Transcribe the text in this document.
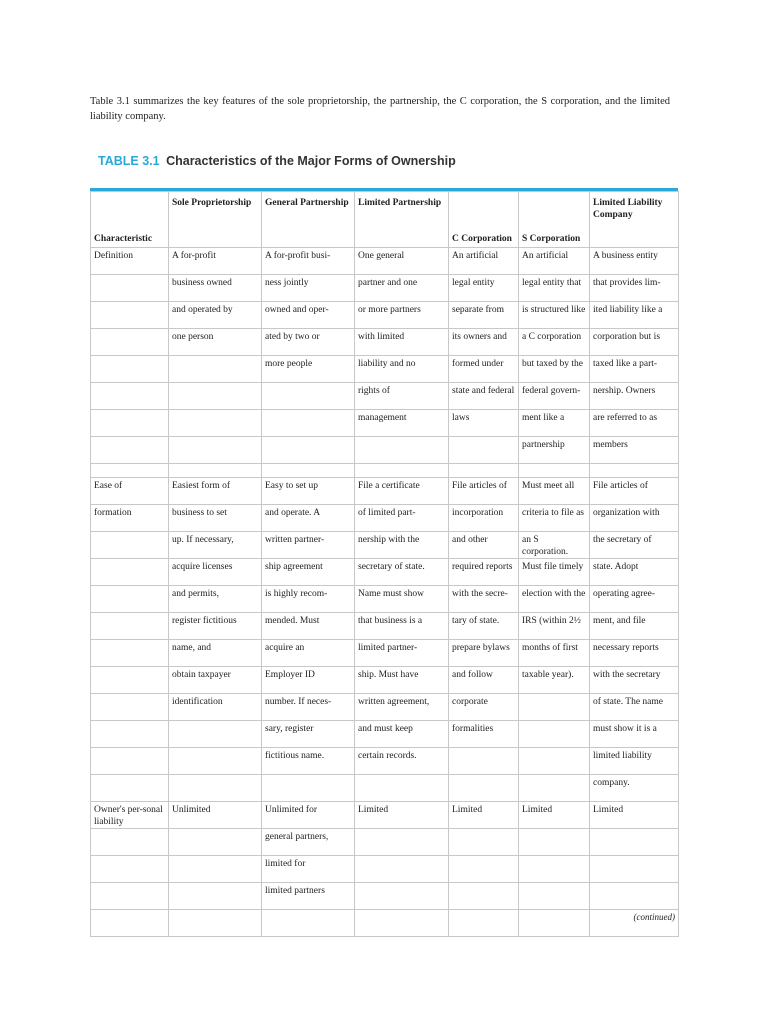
Table 3.1 summarizes the key features of the sole proprietorship, the partnership, the C corporation, the S corporation, and the limited liability company.

TABLE 3.1 Characteristics of the Major Forms of Ownership
Characteristic	Sole Proprietorship	General Partnership	Limited Partnership	C Corporation	S Corporation	Limited Liability Company
Definition	A for-profit	A for-profit busi-	One general	An artificial	An artificial	A business entity
	business owned	ness jointly	partner and one	legal entity	legal entity that	that provides lim-
	and operated by	owned and oper-	or more partners	separate from	is structured like	ited liability like a
	one person	ated by two or	with limited	its owners and	a C corporation	corporation but is
		more people	liability and no	formed under	but taxed by the	taxed like a part-
			rights of	state and federal	federal govern-	nership. Owners
			management	laws	ment like a	are referred to as
					partnership	members

Ease of	Easiest form of	Easy to set up	File a certificate	File articles of	Must meet all	File articles of
formation	business to set	and operate. A	of limited part-	incorporation	criteria to file as	organization with
	up. If necessary,	written partner-	nership with the	and other	an S corporation.	the secretary of
	acquire licenses	ship agreement	secretary of state.	required reports	Must file timely	state. Adopt
	and permits,	is highly recom-	Name must show	with the secre-	election with the	operating agree-
	register fictitious	mended. Must	that business is a	tary of state.	IRS (within 2½	ment, and file
	name, and	acquire an	limited partner-	prepare bylaws	months of first	necessary reports
	obtain taxpayer	Employer ID	ship. Must have	and follow	taxable year).	with the secretary
	identification	number. If neces-	written agreement,	corporate		of state. The name
		sary, register	and must keep	formalities		must show it is a
		fictitious name.	certain records.			limited liability
						company.
Owner's per-sonal liability	Unlimited	Unlimited for	Limited	Limited	Limited	Limited
		general partners,				
		limited for				
		limited partners				
						(continued)
